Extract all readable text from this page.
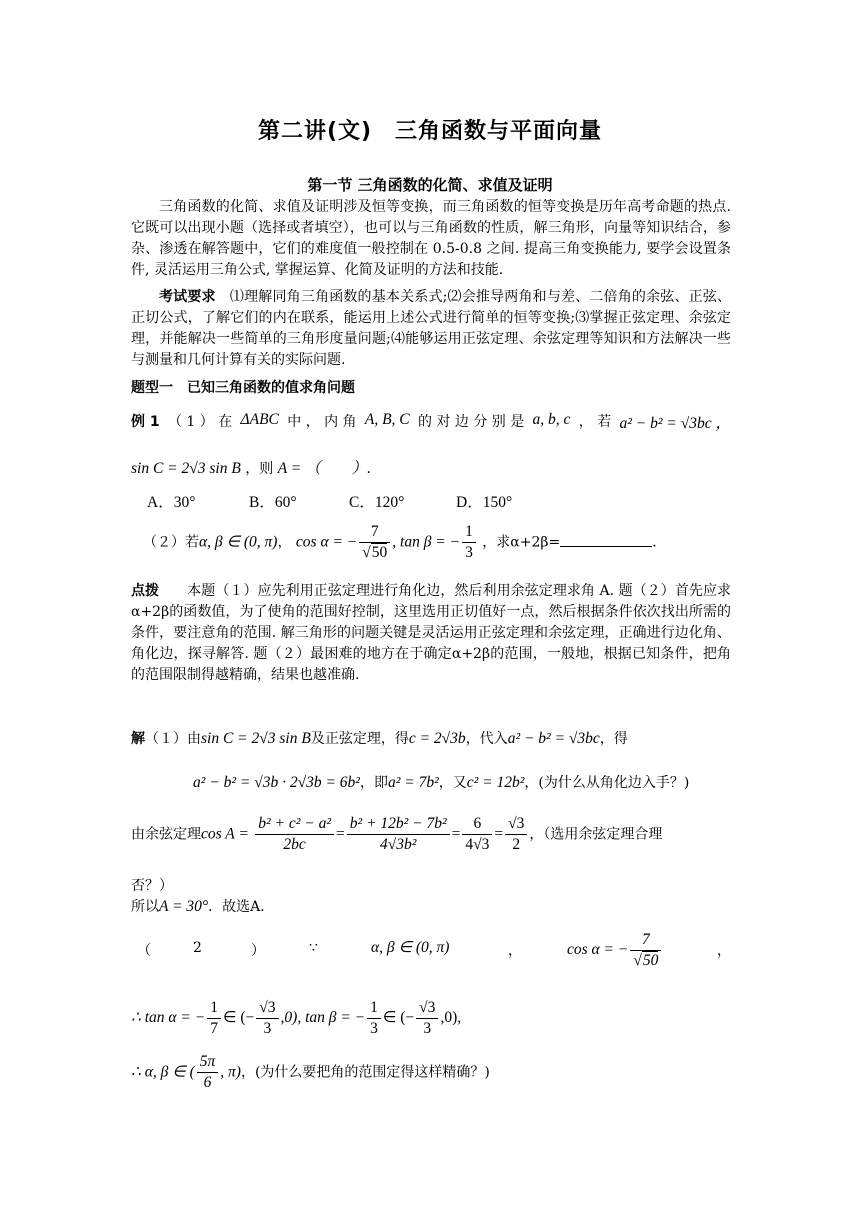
第二讲(文)　三角函数与平面向量
第一节 三角函数的化简、求值及证明
三角函数的化简、求值及证明涉及恒等变换，而三角函数的恒等变换是历年高考命题的热点. 它既可以出现小题（选择或者填空），也可以与三角函数的性质，解三角形，向量等知识结合，参杂、渗透在解答题中，它们的难度值一般控制在 0.5-0.8 之间. 提高三角变换能力, 要学会设置条件, 灵活运用三角公式, 掌握运算、化简及证明的方法和技能.
考试要求　 ⑴理解同角三角函数的基本关系式;⑵会推导两角和与差、二倍角的余弦、正弦、正切公式，了解它们的内在联系，能运用上述公式进行简单的恒等变换;⑶掌握正弦定理、余弦定理，并能解决一些简单的三角形度量问题;⑷能够运用正弦定理、余弦定理等知识和方法解决一些与测量和几何计算有关的实际问题.
题型一　已知三角函数的值求角问题
例 1 （ 1 ） 在 ΔABC 中 ， 内 角 A, B, C 的 对 边 分 别 是 a, b, c ， 若 a² − b² = √3bc ，
sin C = 2√3 sin B ，则 A = （　　）.
A．30°	B．60°	C．120°	D．150°
（２）若α, β ∈ (0, π)， cos α = − $\frac{7}{√50}$ , tan β = − $\frac{1}{3}$ ，求α+2β=	.
点拨　　 本题（１）应先利用正弦定理进行角化边，然后利用余弦定理求角 A. 题（２）首先应求α+2β的函数值，为了使角的范围好控制，这里选用正切值好一点，然后根据条件依次找出所需的条件，要注意角的范围. 解三角形的问题关键是灵活运用正弦定理和余弦定理，正确进行边化角、角化边，探寻解答. 题（２）最困难的地方在于确定α+2β的范围，一般地，根据已知条件，把角的范围限制得越精确，结果也越准确.
解（１）由sin C = 2√3 sin B及正弦定理，得c = 2√3b，代入a² − b² = √3bc，得
a² − b² = √3b · 2√3b = 6b²，即a² = 7b²，又c² = 12b²，(为什么从角化边入手？)
由余弦定理$\cos A = \frac{\text{b² + c² − a²}}{2bc} = \frac{\text{b² + 12b² − 7b²}}{\text{4√3b²}} = \frac{6}{4√3} = \frac{√3}{2}$ ，（选用余弦定理合理
否？）
所以A = 30°．故选A．
（	2	）	∵	α, β ∈ (0, π)	，	cos α = − $\frac{7}{√50}$	，
∴ tan α = − $\frac{1}{7}$ ∈ (− $\frac{√3}{3} ,0$), tan β = − $\frac{1}{3}$ ∈ (− $\frac{√3}{3} ,0$),
∴ α, β ∈ ( $\frac{5\pi}{6}$ , π)，(为什么要把角的范围定得这样精确？)
